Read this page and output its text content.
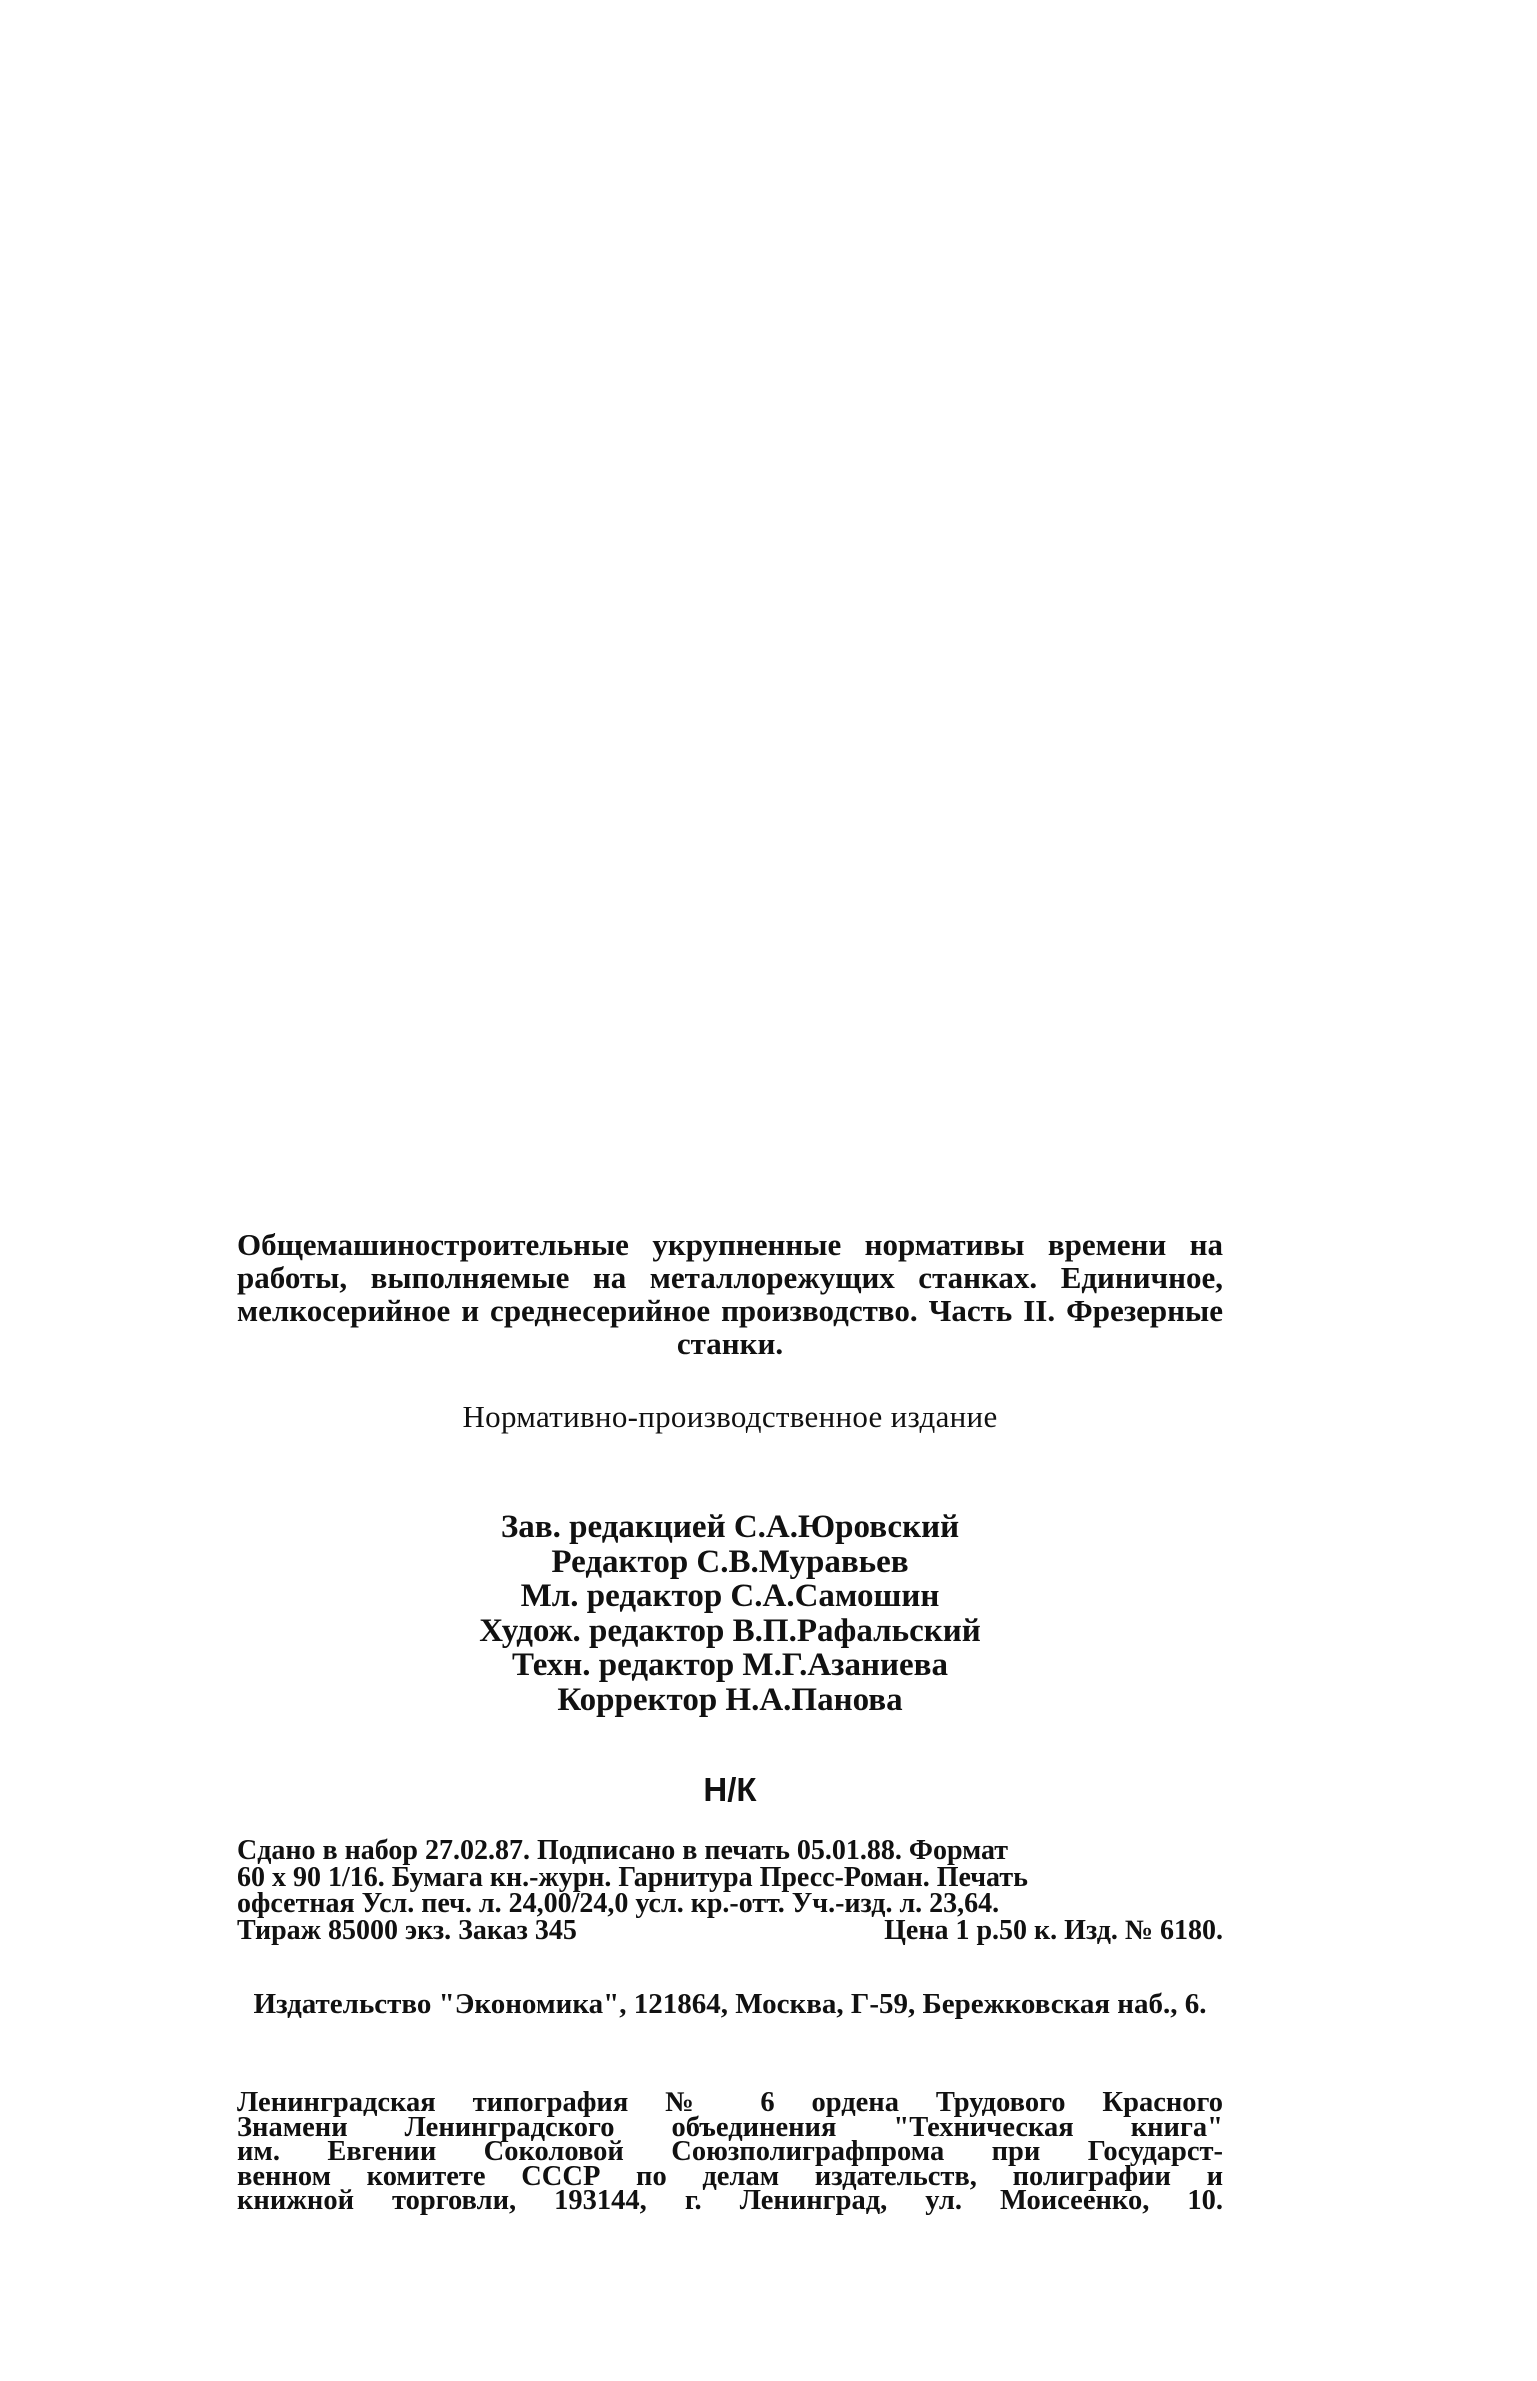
Общемашиностроительные укрупненные нормативы времени на работы, выполняемые на металлорежущих станках. Единичное, мелкосерийное и среднесерийное производство. Часть II. Фрезерные станки.
Нормативно-производственное издание
Зав. редакцией С.А.Юровский
Редактор С.В.Муравьев
Мл. редактор С.А.Самошин
Худож. редактор В.П.Рафальский
Техн. редактор М.Г.Азаниева
Корректор Н.А.Панова
Н/К
Сдано в набор 27.02.87. Подписано в печать 05.01.88. Формат
60 х 90 1/16. Бумага кн.-журн. Гарнитура Пресс-Роман. Печать
офсетная Усл. печ. л. 24,00/24,0 усл. кр.-отт. Уч.-изд. л. 23,64.
Тираж 85000 экз. Заказ 345	Цена 1 р.50 к. Изд. № 6180.
Издательство "Экономика", 121864, Москва, Г-59, Бережковская наб., 6.
Ленинградская типография № 6 ордена Трудового Красного
Знамени Ленинградского объединения "Техническая книга"
им. Евгении Соколовой Союзполиграфпрома при Государст-
венном комитете СССР по делам издательств, полиграфии и
книжной торговли, 193144, г. Ленинград, ул. Моисеенко, 10.
